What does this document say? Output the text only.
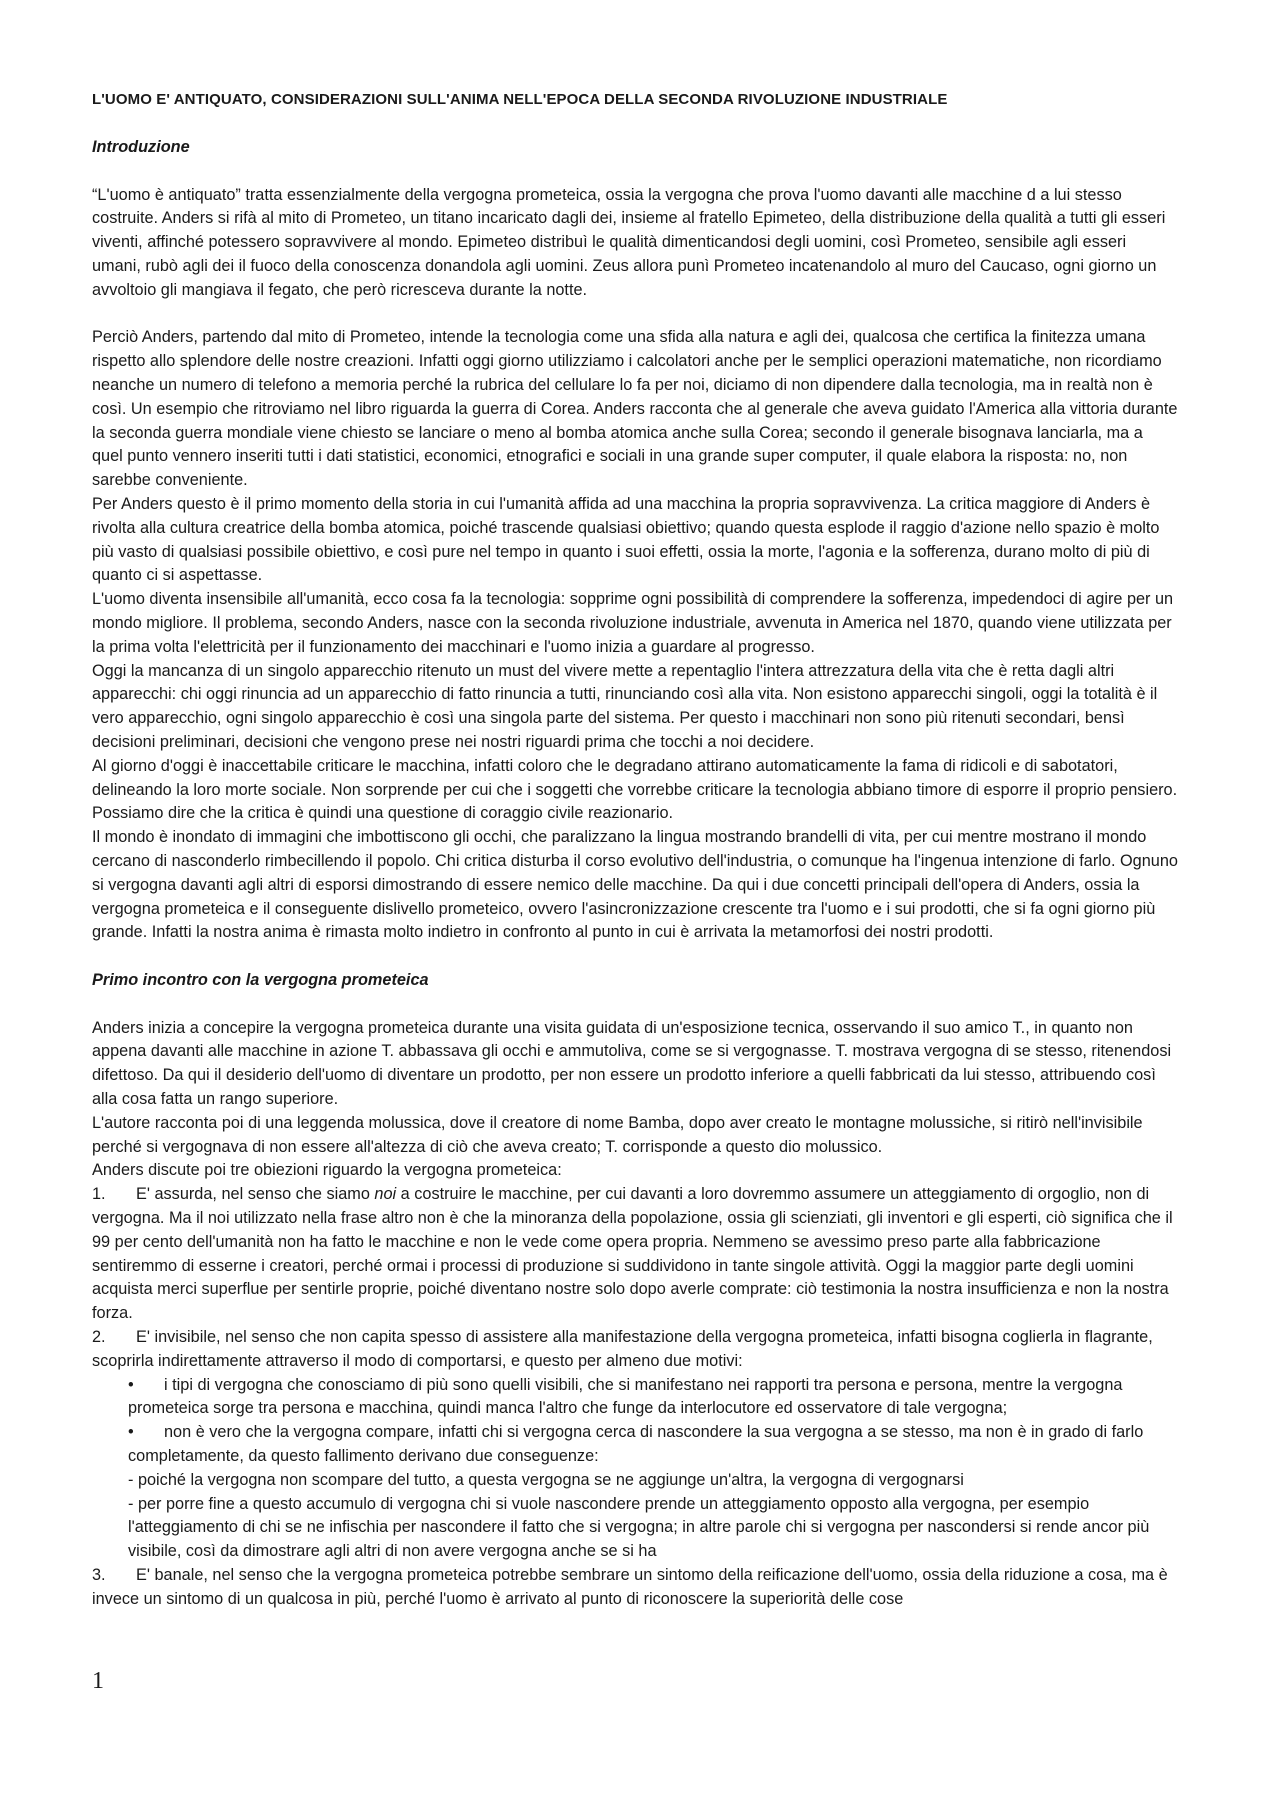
L'UOMO E' ANTIQUATO, CONSIDERAZIONI SULL'ANIMA NELL'EPOCA DELLA SECONDA RIVOLUZIONE INDUSTRIALE

Introduzione

“L'uomo è antiquato” tratta essenzialmente della vergogna prometeica, ossia la vergogna che prova l'uomo davanti alle macchine d a lui stesso costruite. Anders si rifà al mito di Prometeo, un titano incaricato dagli dei, insieme al fratello Epimeteo, della distribuzione della qualità a tutti gli esseri viventi, affinché potessero sopravvivere al mondo. Epimeteo distribuì le qualità dimenticandosi degli uomini, così Prometeo, sensibile agli esseri umani, rubò agli dei il fuoco della conoscenza donandola agli uomini. Zeus allora punì Prometeo incatenandolo al muro del Caucaso, ogni giorno un avvoltoio gli mangiava il fegato, che però ricresceva durante la notte.

Perciò Anders, partendo dal mito di Prometeo, intende la tecnologia come una sfida alla natura e agli dei, qualcosa che certifica la finitezza umana rispetto allo splendore delle nostre creazioni. Infatti oggi giorno utilizziamo i calcolatori anche per le semplici operazioni matematiche, non ricordiamo neanche un numero di telefono a memoria perché la rubrica del cellulare lo fa per noi, diciamo di non dipendere dalla tecnologia, ma in realtà non è così. Un esempio che ritroviamo nel libro riguarda la guerra di Corea. Anders racconta che al generale che aveva guidato l'America alla vittoria durante la seconda guerra mondiale viene chiesto se lanciare o meno al bomba atomica anche sulla Corea; secondo il generale bisognava lanciarla, ma a quel punto vennero inseriti tutti i dati statistici, economici, etnografici e sociali in una grande super computer, il quale elabora la risposta: no, non sarebbe conveniente.

Per Anders questo è il primo momento della storia in cui l'umanità affida ad una macchina la propria sopravvivenza. La critica maggiore di Anders è rivolta alla cultura creatrice della bomba atomica, poiché trascende qualsiasi obiettivo; quando questa esplode il raggio d'azione nello spazio è molto più vasto di qualsiasi possibile obiettivo, e così pure nel tempo in quanto i suoi effetti, ossia la morte, l'agonia e la sofferenza, durano molto di più di quanto ci si aspettasse.

L'uomo diventa insensibile all'umanità, ecco cosa fa la tecnologia: sopprime ogni possibilità di comprendere la sofferenza, impedendoci di agire per un mondo migliore. Il problema, secondo Anders, nasce con la seconda rivoluzione industriale, avvenuta in America nel 1870, quando viene utilizzata per la prima volta l'elettricità per il funzionamento dei macchinari e l'uomo inizia a guardare al progresso.

Oggi la mancanza di un singolo apparecchio ritenuto un must del vivere mette a repentaglio l'intera attrezzatura della vita che è retta dagli altri apparecchi: chi oggi rinuncia ad un apparecchio di fatto rinuncia a tutti, rinunciando così alla vita. Non esistono apparecchi singoli, oggi la totalità è il vero apparecchio, ogni singolo apparecchio è così una singola parte del sistema. Per questo i macchinari non sono più ritenuti secondari, bensì decisioni preliminari, decisioni che vengono prese nei nostri riguardi prima che tocchi a noi decidere.

Al giorno d'oggi è inaccettabile criticare le macchina, infatti coloro che le degradano attirano automaticamente la fama di ridicoli e di sabotatori, delineando la loro morte sociale. Non sorprende per cui che i soggetti che vorrebbe criticare la tecnologia abbiano timore di esporre il proprio pensiero. Possiamo dire che la critica è quindi una questione di coraggio civile reazionario.

Il mondo è inondato di immagini che imbottiscono gli occhi, che paralizzano la lingua mostrando brandelli di vita, per cui mentre mostrano il mondo cercano di nasconderlo rimbecillendo il popolo. Chi critica disturba il corso evolutivo dell'industria, o comunque ha l'ingenua intenzione di farlo. Ognuno si vergogna davanti agli altri di esporsi dimostrando di essere nemico delle macchine. Da qui i due concetti principali dell'opera di Anders, ossia la vergogna prometeica e il conseguente dislivello prometeico, ovvero l'asincronizzazione crescente tra l'uomo e i sui prodotti, che si fa ogni giorno più grande. Infatti la nostra anima è rimasta molto indietro in confronto al punto in cui è arrivata la metamorfosi dei nostri prodotti.

Primo incontro con la vergogna prometeica

Anders inizia a concepire la vergogna prometeica durante una visita guidata di un'esposizione tecnica, osservando il suo amico T., in quanto non appena davanti alle macchine in azione T. abbassava gli occhi e ammutoliva, come se si vergognasse. T. mostrava vergogna di se stesso, ritenendosi difettoso. Da qui il desiderio dell'uomo di diventare un prodotto, per non essere un prodotto inferiore a quelli fabbricati da lui stesso, attribuendo così alla cosa fatta un rango superiore.

L'autore racconta poi di una leggenda molussica, dove il creatore di nome Bamba, dopo aver creato le montagne molussiche, si ritirò nell'invisibile perché si vergognava di non essere all'altezza di ciò che aveva creato; T. corrisponde a questo dio molussico.

Anders discute poi tre obiezioni riguardo la vergogna prometeica:

1. E' assurda, nel senso che siamo noi a costruire le macchine, per cui davanti a loro dovremmo assumere un atteggiamento di orgoglio, non di vergogna. Ma il noi utilizzato nella frase altro non è che la minoranza della popolazione, ossia gli scienziati, gli inventori e gli esperti, ciò significa che il 99 per cento dell'umanità non ha fatto le macchine e non le vede come opera propria. Nemmeno se avessimo preso parte alla fabbricazione sentiremmo di esserne i creatori, perché ormai i processi di produzione si suddividono in tante singole attività. Oggi la maggior parte degli uomini acquista merci superflue per sentirle proprie, poiché diventano nostre solo dopo averle comprate: ciò testimonia la nostra insufficienza e non la nostra forza.

2. E' invisibile, nel senso che non capita spesso di assistere alla manifestazione della vergogna prometeica, infatti bisogna coglierla in flagrante, scoprirla indirettamente attraverso il modo di comportarsi, e questo per almeno due motivi:

• i tipi di vergogna che conosciamo di più sono quelli visibili, che si manifestano nei rapporti tra persona e persona, mentre la vergogna prometeica sorge tra persona e macchina, quindi manca l'altro che funge da interlocutore ed osservatore di tale vergogna;

• non è vero che la vergogna compare, infatti chi si vergogna cerca di nascondere la sua vergogna a se stesso, ma non è in grado di farlo completamente, da questo fallimento derivano due conseguenze:

- poiché la vergogna non scompare del tutto, a questa vergogna se ne aggiunge un'altra, la vergogna di vergognarsi

- per porre fine a questo accumulo di vergogna chi si vuole nascondere prende un atteggiamento opposto alla vergogna, per esempio l'atteggiamento di chi se ne infischia per nascondere il fatto che si vergogna; in altre parole chi si vergogna per nascondersi si rende ancor più visibile, così da dimostrare agli altri di non avere vergogna anche se si ha

3. E' banale, nel senso che la vergogna prometeica potrebbe sembrare un sintomo della reificazione dell'uomo, ossia della riduzione a cosa, ma è invece un sintomo di un qualcosa in più, perché l'uomo è arrivato al punto di riconoscere la superiorità delle cose

1
